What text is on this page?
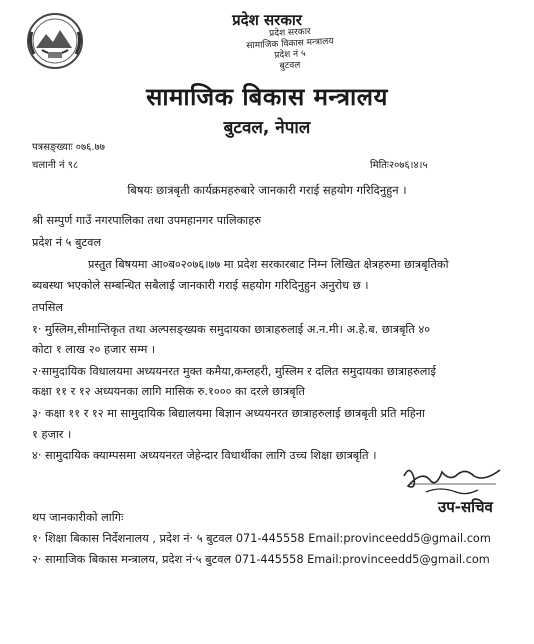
प्रदेश सरकार
प्रदेश सरकार
सामाजिक विकास मन्त्रालय
प्रदेश नं ५
बुटवल
सामाजिक बिकास मन्त्रालय
बुटवल, नेपाल
पत्रसङ्ख्याः ०७६.७७
चलानी नं ९८	मितिः२०७६।४।५
बिषयः छात्रबृती कार्यक्रमहरुबारे जानकारी गराई सहयोग गरिदिनुहुन ।
श्री सम्पुर्ण गाउँ नगरपालिका तथा उपमहानगर पालिकाहरु
प्रदेश नं ५ बुटवल
प्रस्तुत बिषयमा आ०ब०२०७६।७७ मा प्रदेश सरकारबाट निम्न लिखित क्षेत्रहरुमा छात्रबृतिको
ब्यबस्था भएकोले सम्बन्धित सबैलाई जानकारी गराई सहयोग गरिदिनुहुन अनुरोध छ ।
तपसिल
१· मुस्लिम,सीमान्तिकृत तथा अल्पसङ्ख्यक समुदायका छात्राहरुलाई अ.न.मी। अ.हे.ब. छात्रबृति ४०
कोटा १ लाख २० हजार सम्म ।
२·सामुदायिक विधालयमा अध्ययनरत मुक्त कमैया,कम्लहरी, मुस्लिम र दलित समुदायका छात्राहरुलाई
कक्षा ११ र १२ अध्ययनका लागि मासिक रु.१००० का दरले छात्रबृति
३· कक्षा ११ र १२ मा सामुदायिक बिद्यालयमा बिज्ञान अध्ययनरत छात्राहरुलाई छात्रबृती प्रति महिना
१ हजार ।
४· सामुदायिक क्याम्पसमा अध्ययनरत जेहेन्दार विधार्थीका लागि उच्च शिक्षा छात्रबृति ।
उप-सचिव
थप जानकारीको लागिः
१· शिक्षा बिकास निर्देशनालय , प्रदेश नं· ५ बुटवल 071-445558 Email:provinceedd5@gmail.com
२· सामाजिक बिकास मन्त्रालय, प्रदेश नं·५ बुटवल 071-445558 Email:provinceedd5@gmail.com
